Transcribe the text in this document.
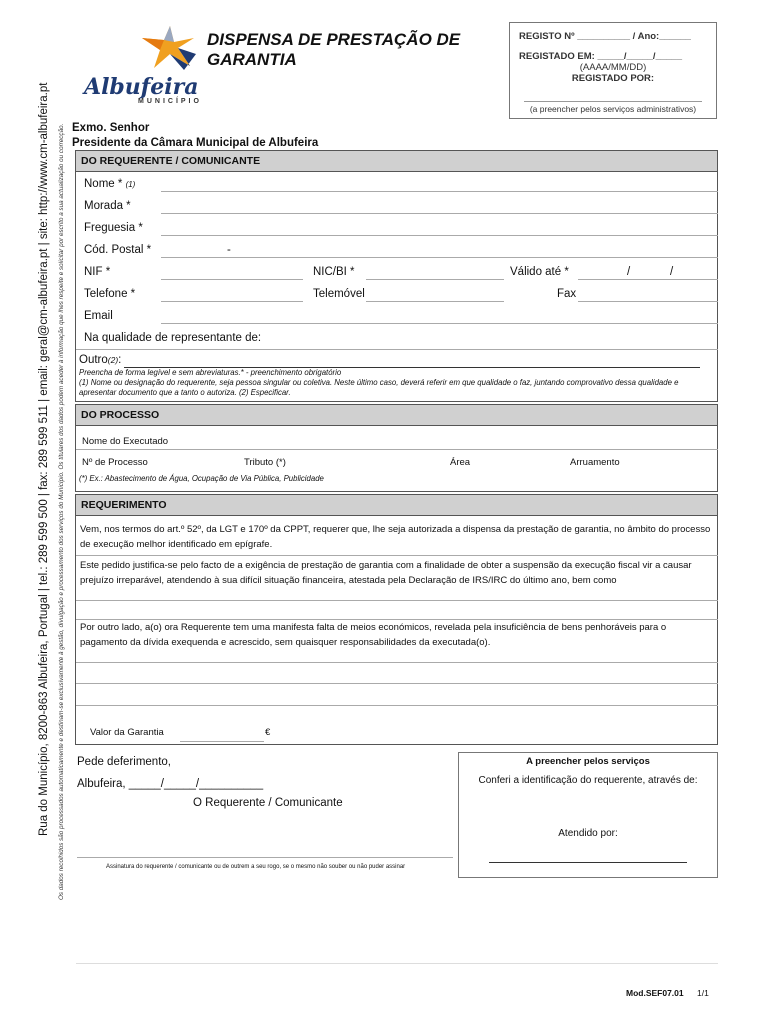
Rua do Município, 8200-863 Albufeira, Portugal | tel.: 289 599 500 | fax: 289 599 511 | email: geral@cm-albufeira.pt | site: http://www.cm-albufeira.pt	Os dados recolhidos são processados automaticamente e destinam-se exclusivamente à gestão, divulgação e processamento dos serviços do Município. Os titulares dos dados podem aceder à informação que lhes respeite e solicitar por escrito a sua actualização ou correcção.
Albufeira
MUNICÍPIO
DISPENSA DE PRESTAÇÃO DE
GARANTIA
REGISTO Nº __________ / Ano:______
REGISTADO EM: _____/_____/_____
(AAAA/MM/DD)
REGISTADO POR:
(a preencher pelos serviços administrativos)
Exmo. Senhor
Presidente da Câmara Municipal de Albufeira
DO REQUERENTE / COMUNICANTE
Nome * (1)
Morada *
Freguesia *
Cód. Postal *	-
NIF *	NIC/BI *	Válido até *	/	/
Telefone *	Telemóvel	Fax
Email
Na qualidade de representante de:
Outro(2):
Preencha de forma legível e sem abreviaturas.* - preenchimento obrigatório
(1) Nome ou designação do requerente, seja pessoa singular ou coletiva. Neste último caso, deverá referir em que qualidade o faz, juntando comprovativo dessa qualidade e apresentar documento que a tanto o autoriza. (2) Especificar.
DO PROCESSO
Nome do Executado
Nº de Processo	Tributo (*)	Área	Arruamento
(*) Ex.: Abastecimento de Água, Ocupação de Via Pública, Publicidade
REQUERIMENTO
Vem, nos termos do art.º 52º, da LGT e 170º da CPPT, requerer que, lhe seja autorizada a dispensa da prestação de garantia, no âmbito do processo de execução melhor identificado em epígrafe.
Este pedido justifica-se pelo facto de a exigência de prestação de garantia com a finalidade de obter a suspensão da execução fiscal vir a causar prejuízo irreparável, atendendo à sua difícil situação financeira, atestada pela Declaração de IRS/IRC do último ano, bem como
Por outro lado, a(o) ora Requerente tem uma manifesta falta de meios económicos, revelada pela insuficiência de bens penhoráveis para o pagamento da dívida exequenda e acrescido, sem quaisquer responsabilidades da executada(o).
Valor da Garantia	€
Pede deferimento,
Albufeira, _____/_____/__________
O Requerente / Comunicante
Assinatura do requerente / comunicante ou de outrem a seu rogo, se o mesmo não souber ou não puder assinar
A preencher pelos serviços
Conferi a identificação do requerente, através de:
Atendido por:
Mod.SEF07.01 1/1
